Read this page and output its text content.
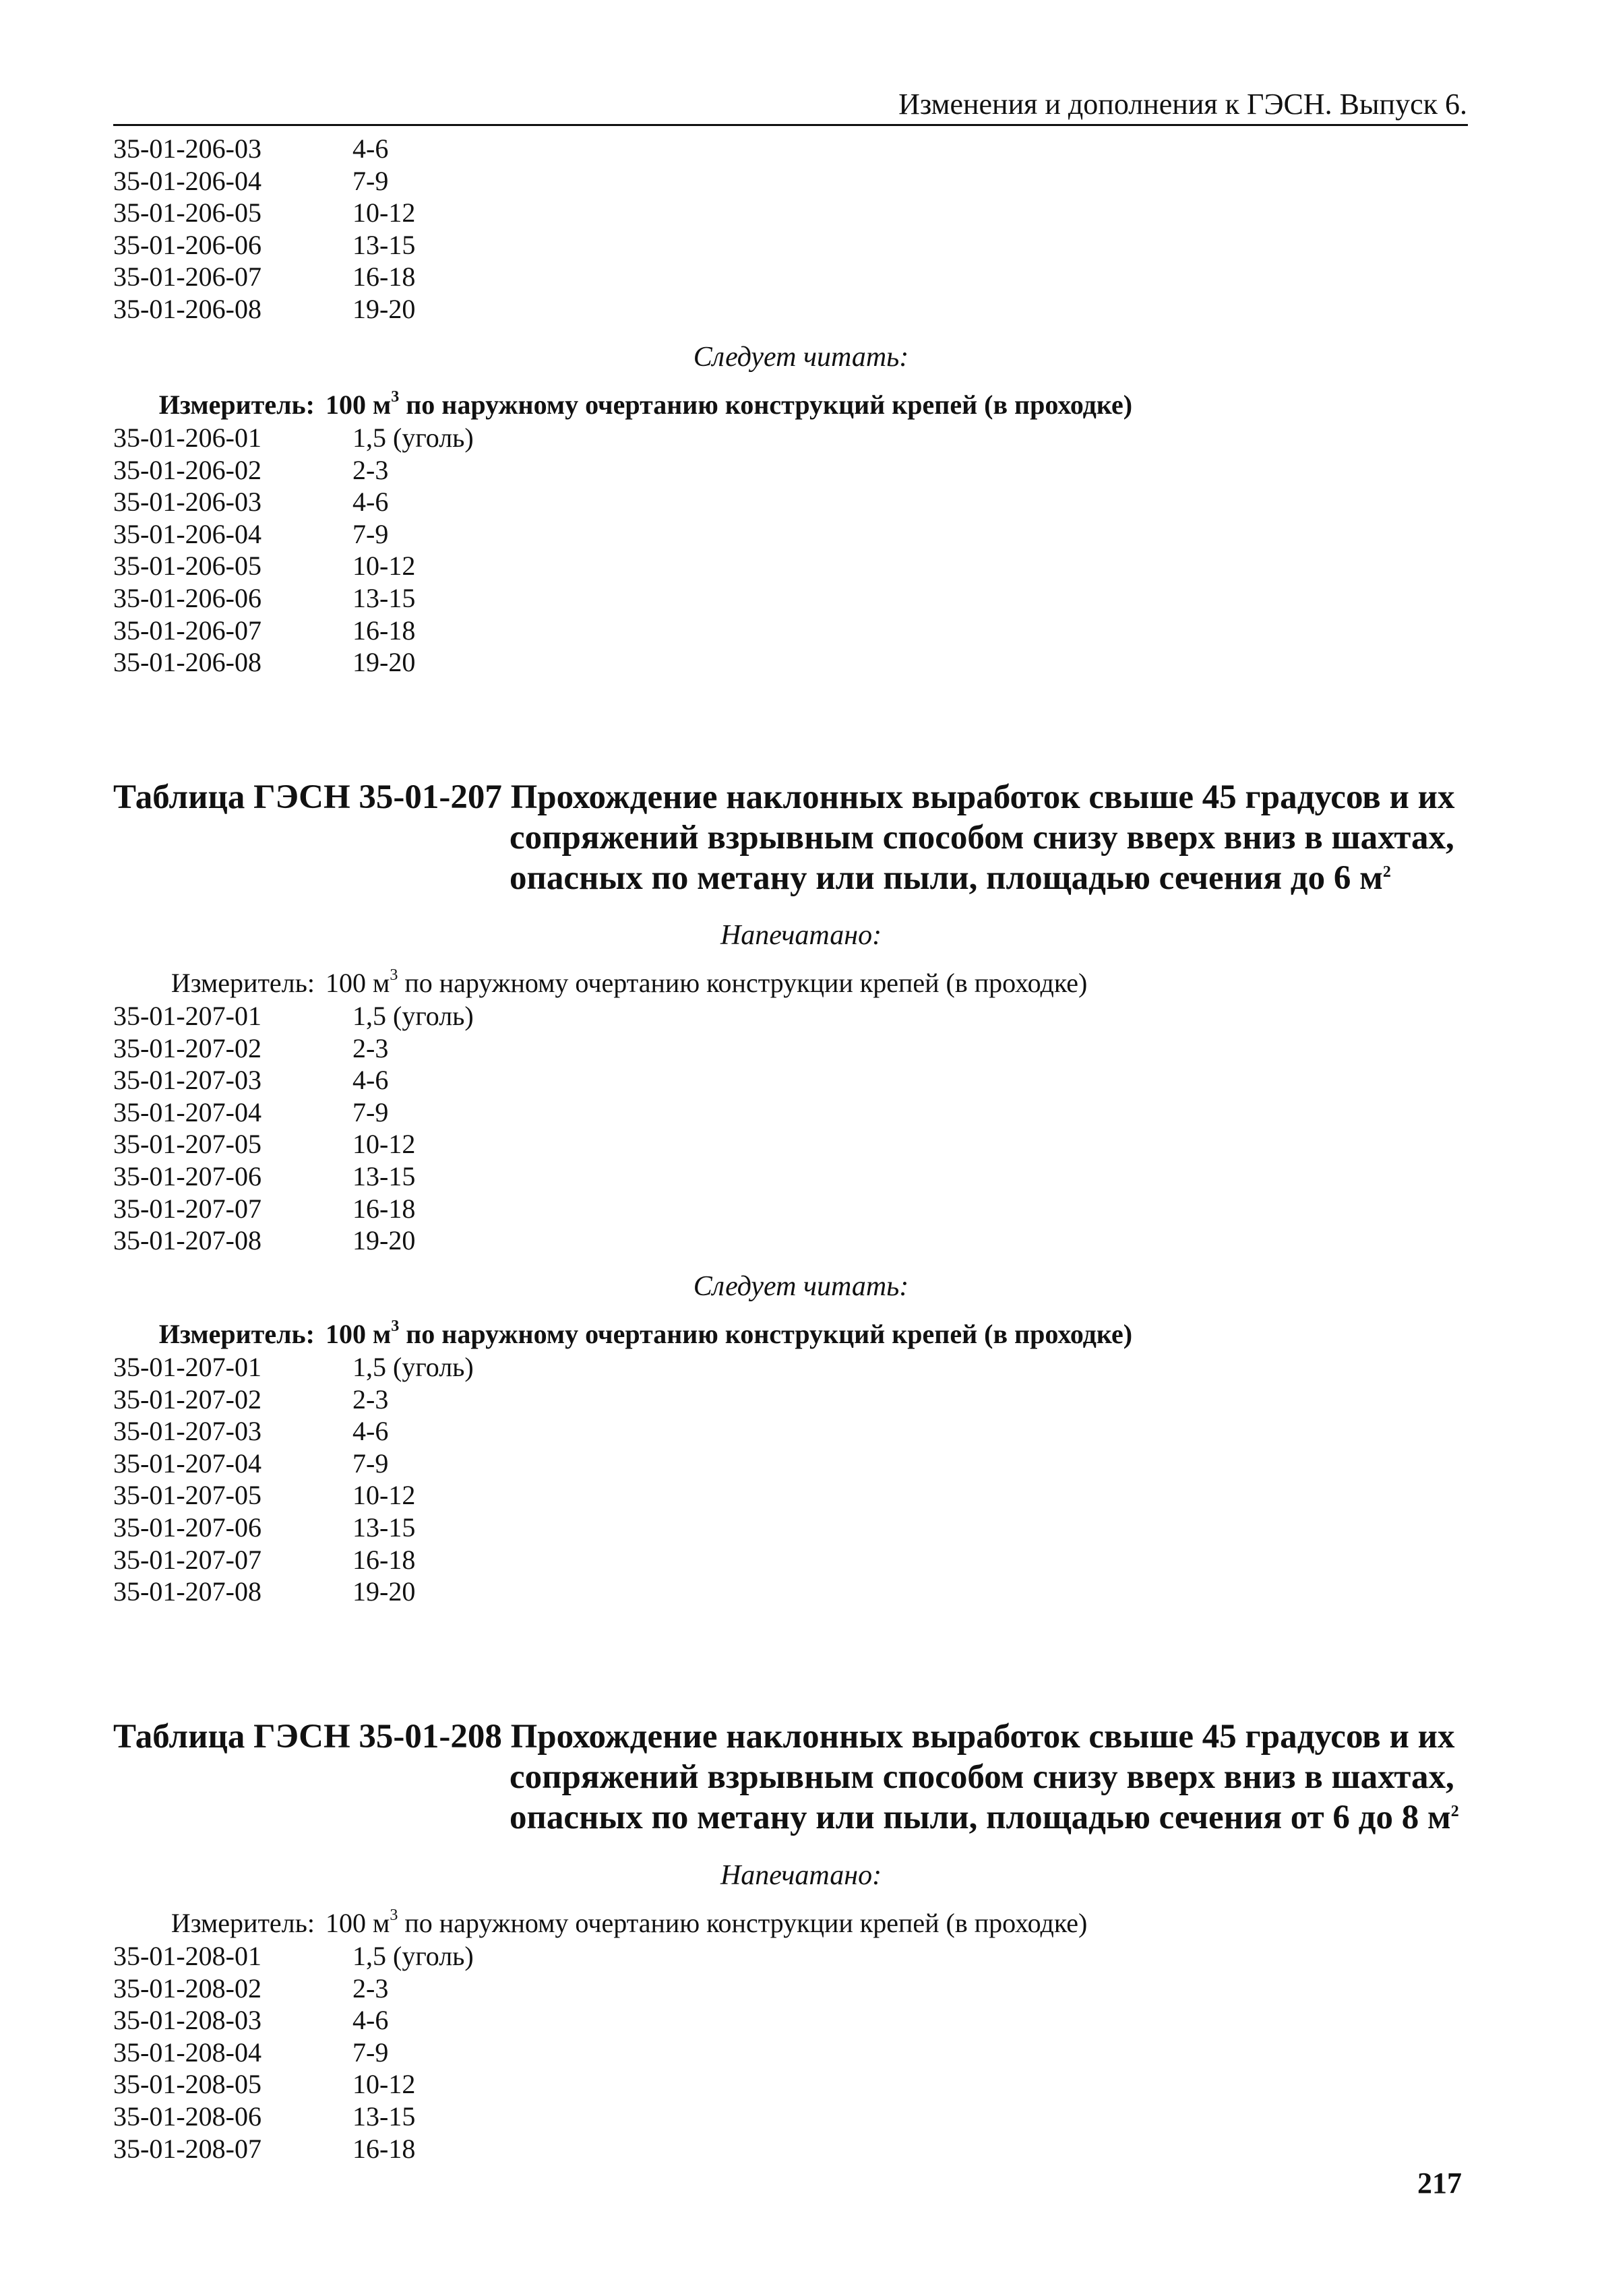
Изменения и дополнения к ГЭСН. Выпуск 6.
35-01-206-03	4-6
35-01-206-04	7-9
35-01-206-05	10-12
35-01-206-06	13-15
35-01-206-07	16-18
35-01-206-08	19-20
Следует читать:
Измеритель: 100 $м^3$ по наружному очертанию конструкций крепей (в проходке)
35-01-206-01	1,5 (уголь)
35-01-206-02	2-3
35-01-206-03	4-6
35-01-206-04	7-9
35-01-206-05	10-12
35-01-206-06	13-15
35-01-206-07	16-18
35-01-206-08	19-20
Таблица ГЭСН 35-01-207 Прохождение наклонных выработок свыше 45 градусов и их
сопряжений взрывным способом снизу вверх вниз в шахтах,
опасных по метану или пыли, площадью сечения до 6 $м^2$
Напечатано:
Измеритель: 100 $м^3$ по наружному очертанию конструкции крепей (в проходке)
35-01-207-01	1,5 (уголь)
35-01-207-02	2-3
35-01-207-03	4-6
35-01-207-04	7-9
35-01-207-05	10-12
35-01-207-06	13-15
35-01-207-07	16-18
35-01-207-08	19-20
Следует читать:
Измеритель: 100 $м^3$ по наружному очертанию конструкций крепей (в проходке)
35-01-207-01	1,5 (уголь)
35-01-207-02	2-3
35-01-207-03	4-6
35-01-207-04	7-9
35-01-207-05	10-12
35-01-207-06	13-15
35-01-207-07	16-18
35-01-207-08	19-20
Таблица ГЭСН 35-01-208 Прохождение наклонных выработок свыше 45 градусов и их
сопряжений взрывным способом снизу вверх вниз в шахтах,
опасных по метану или пыли, площадью сечения от 6 до 8 $м^2$
Напечатано:
Измеритель: 100 $м^3$ по наружному очертанию конструкции крепей (в проходке)
35-01-208-01	1,5 (уголь)
35-01-208-02	2-3
35-01-208-03	4-6
35-01-208-04	7-9
35-01-208-05	10-12
35-01-208-06	13-15
35-01-208-07	16-18
217
